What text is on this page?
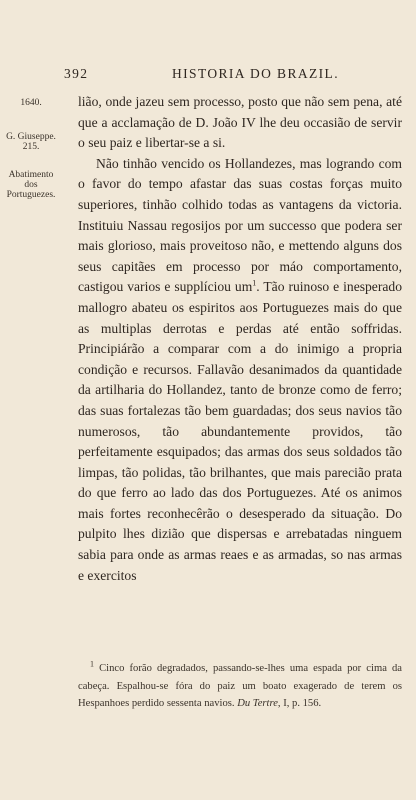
392	HISTORIA DO BRAZIL.
1640.
G. Giuseppe.
215.
Abatimento
dos
Portuguezes.

lião, onde jazeu sem processo, posto que não sem pena, até que a acclamação de D. João IV lhe deu occasião de servir o seu paiz e libertar-se a si.

Não tinhão vencido os Hollandezes, mas logrando com o favor do tempo afastar das suas costas forças muito superiores, tinhão colhido todas as vantagens da victoria. Instituiu Nassau regosijos por um successo que podera ser mais glorioso, mais proveitoso não, e mettendo alguns dos seus capitães em processo por máo comportamento, castigou varios e supplíciou $um^1$. Tão ruinoso e inesperado mallogro abateu os espiritos aos Portuguezes mais do que as multiplas derrotas e perdas até então soffridas. Principiárão a comparar com a do inimigo a propria condição e recursos. Fallavão desanimados da quantidade da artilharia do Hollandez, tanto de bronze como de ferro; das suas fortalezas tão bem guardadas; dos seus navios tão numerosos, tão abundantemente providos, tão perfeitamente esquipados; das armas dos seus soldados tão limpas, tão polidas, tão brilhantes, que mais parecião prata do que ferro ao lado das dos Portuguezes. Até os animos mais fortes reconhecêrão o desesperado da situação. Do pulpito lhes dizião que dispersas e arrebatadas ninguem sabia para onde as armas reaes e as armadas, so nas armas e exercitos

$^1$ Cinco forão degradados, passando-se-lhes uma espada por cima da cabeça. Espalhou-se fóra do paiz um boato exagerado de terem os Hespanhoes perdido sessenta navios. Du Tertre, I, p. 156.
